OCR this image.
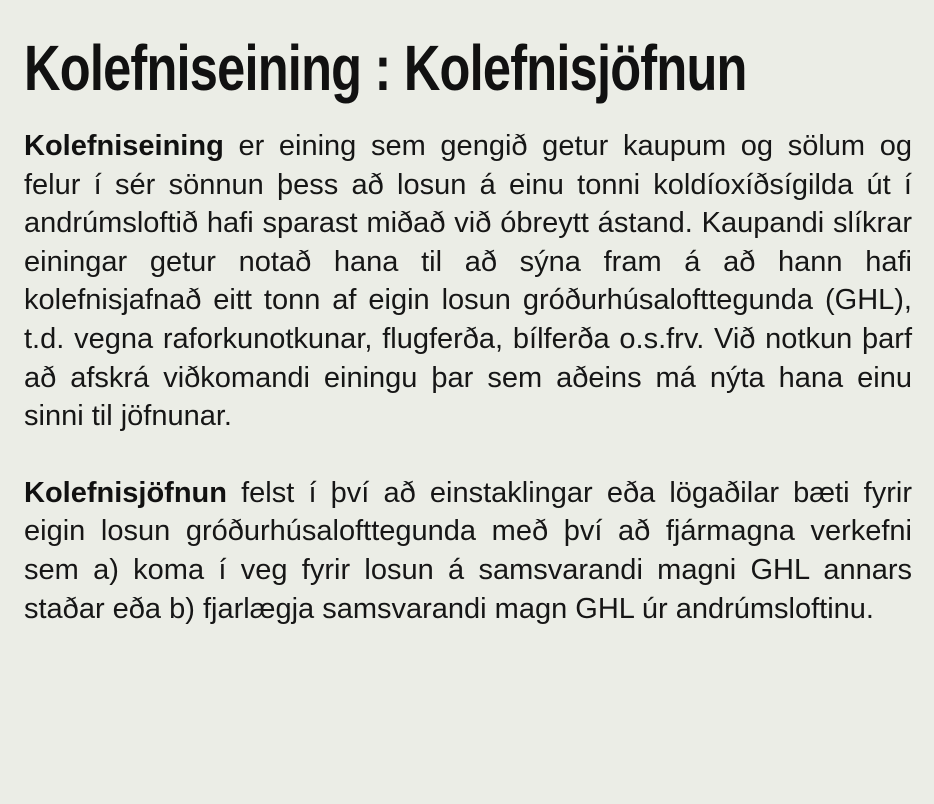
Kolefniseining : Kolefnisjöfnun

Kolefniseining er eining sem gengið getur kaupum og sölum og felur í sér sönnun þess að losun á einu tonni koldíoxíðsígilda út í andrúmsloftið hafi sparast miðað við óbreytt ástand. Kaupandi slíkrar einingar getur notað hana til að sýna fram á að hann hafi kolefnisjafnað eitt tonn af eigin losun gróðurhúsalofttegunda (GHL), t.d. vegna raforkunotkunar, flugferða, bílferða o.s.frv. Við notkun þarf að afskrá viðkomandi einingu þar sem aðeins má nýta hana einu sinni til jöfnunar.

Kolefnisjöfnun felst í því að einstaklingar eða lögaðilar bæti fyrir eigin losun gróðurhúsalofttegunda með því að fjármagna verkefni sem a) koma í veg fyrir losun á samsvarandi magni GHL annars staðar eða b) fjarlægja samsvarandi magn GHL úr andrúmsloftinu.
